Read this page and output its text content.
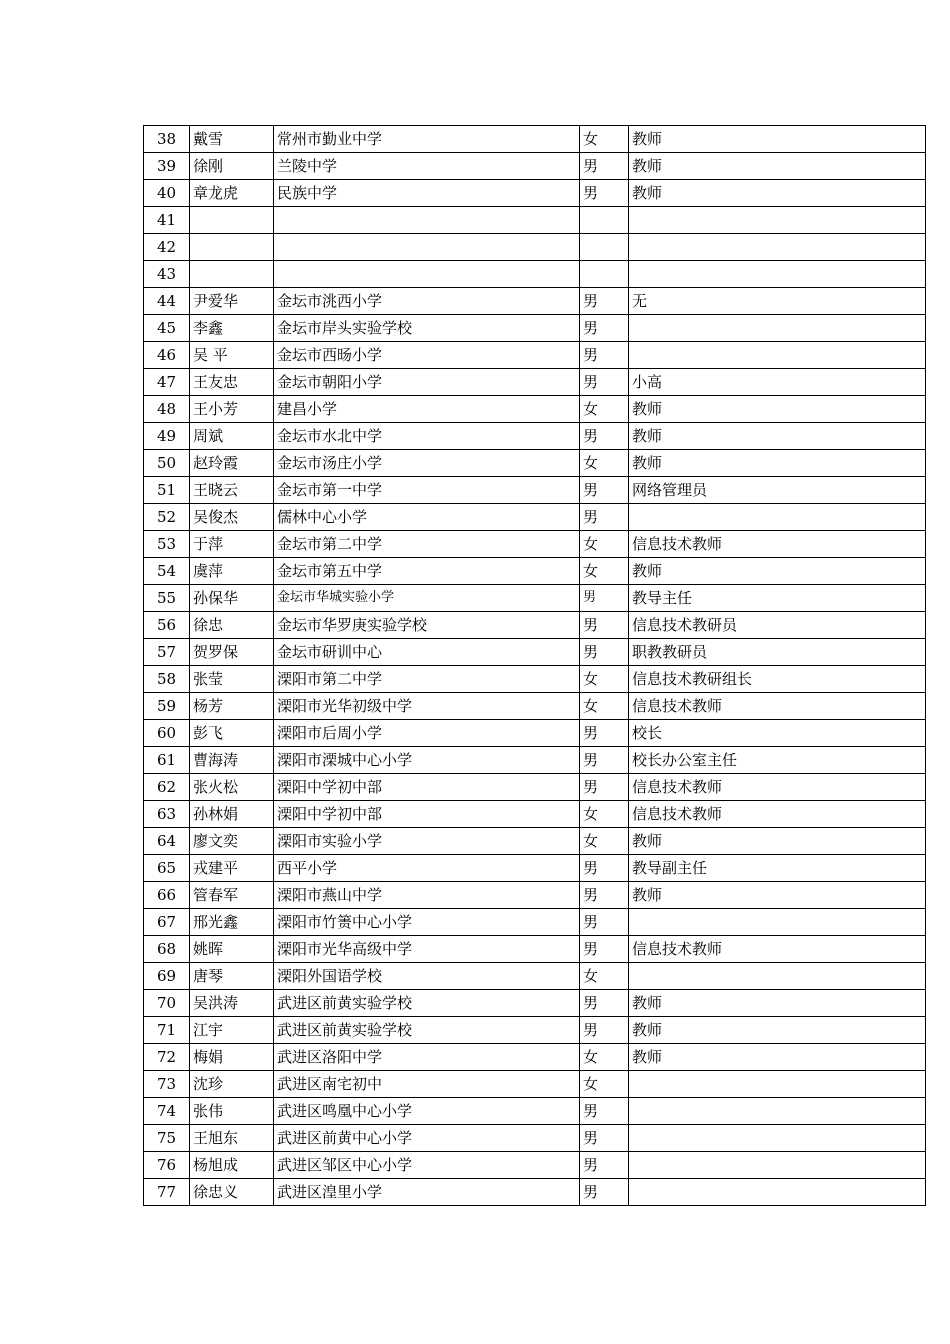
38	戴雪	常州市勤业中学	女	教师
39	徐刚	兰陵中学	男	教师
40	章龙虎	民族中学	男	教师
41				
42				
43				
44	尹爱华	金坛市洮西小学	男	无
45	李鑫	金坛市岸头实验学校	男	
46	吴 平	金坛市西旸小学	男	
47	王友忠	金坛市朝阳小学	男	小高
48	王小芳	建昌小学	女	教师
49	周斌	金坛市水北中学	男	教师
50	赵玲霞	金坛市汤庄小学	女	教师
51	王晓云	金坛市第一中学	男	网络管理员
52	吴俊杰	儒林中心小学	男	
53	于萍	金坛市第二中学	女	信息技术教师
54	虞萍	金坛市第五中学	女	教师
55	孙保华	金坛市华城实验小学	男	教导主任
56	徐忠	金坛市华罗庚实验学校	男	信息技术教研员
57	贺罗保	金坛市研训中心	男	职教教研员
58	张莹	溧阳市第二中学	女	信息技术教研组长
59	杨芳	溧阳市光华初级中学	女	信息技术教师
60	彭飞	溧阳市后周小学	男	校长
61	曹海涛	溧阳市溧城中心小学	男	校长办公室主任
62	张火松	溧阳中学初中部	男	信息技术教师
63	孙林娟	溧阳中学初中部	女	信息技术教师
64	廖文奕	溧阳市实验小学	女	教师
65	戎建平	西平小学	男	教导副主任
66	管春军	溧阳市燕山中学	男	教师
67	邢光鑫	溧阳市竹箦中心小学	男	
68	姚晖	溧阳市光华高级中学	男	信息技术教师
69	唐琴	溧阳外国语学校	女	
70	吴洪涛	武进区前黄实验学校	男	教师
71	江宇	武进区前黄实验学校	男	教师
72	梅娟	武进区洛阳中学	女	教师
73	沈珍	武进区南宅初中	女	
74	张伟	武进区鸣凰中心小学	男	
75	王旭东	武进区前黄中心小学	男	
76	杨旭成	武进区邹区中心小学	男	
77	徐忠义	武进区湟里小学	男	
